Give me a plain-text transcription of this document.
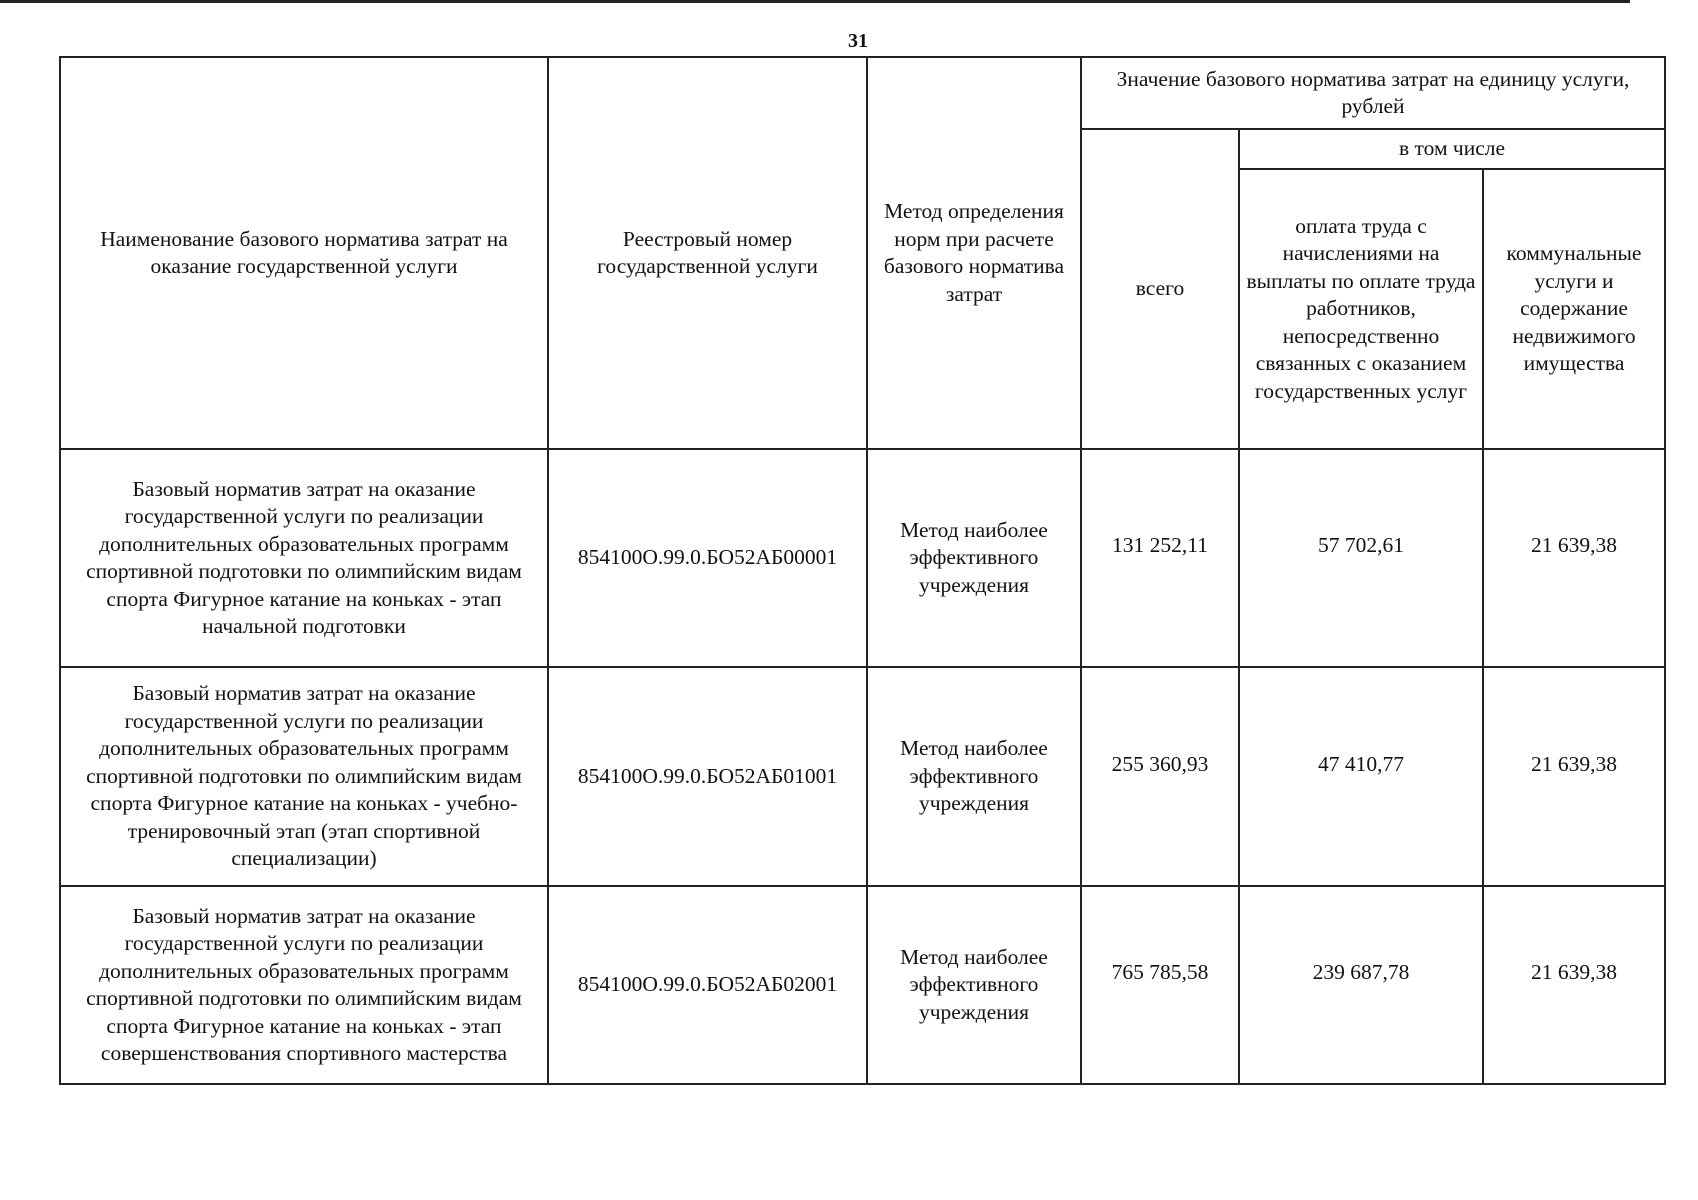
31
Наименование базового норматива затрат на оказание государственной услуги	Реестровый номер государственной услуги	Метод определения норм при расчете базового норматива затрат	Значение базового норматива затрат на единицу услуги, рублей		
			всего	в том числе	
				оплата труда с начислениями на выплаты по оплате труда работников, непосредственно связанных с оказанием государственных услуг	коммунальные услуги и содержание недвижимого имущества
Базовый норматив затрат на оказание государственной услуги по реализации дополнительных образовательных программ спортивной подготовки по олимпийским видам спорта Фигурное катание на коньках - этап начальной подготовки	854100О.99.0.БО52АБ00001	Метод наиболее эффективного учреждения	131 252,11	57 702,61	21 639,38
Базовый норматив затрат на оказание государственной услуги по реализации дополнительных образовательных программ спортивной подготовки по олимпийским видам спорта Фигурное катание на коньках - учебно-тренировочный этап (этап спортивной специализации)	854100О.99.0.БО52АБ01001	Метод наиболее эффективного учреждения	255 360,93	47 410,77	21 639,38
Базовый норматив затрат на оказание государственной услуги по реализации дополнительных образовательных программ спортивной подготовки по олимпийским видам спорта Фигурное катание на коньках - этап совершенствования спортивного мастерства	854100О.99.0.БО52АБ02001	Метод наиболее эффективного учреждения	765 785,58	239 687,78	21 639,38
